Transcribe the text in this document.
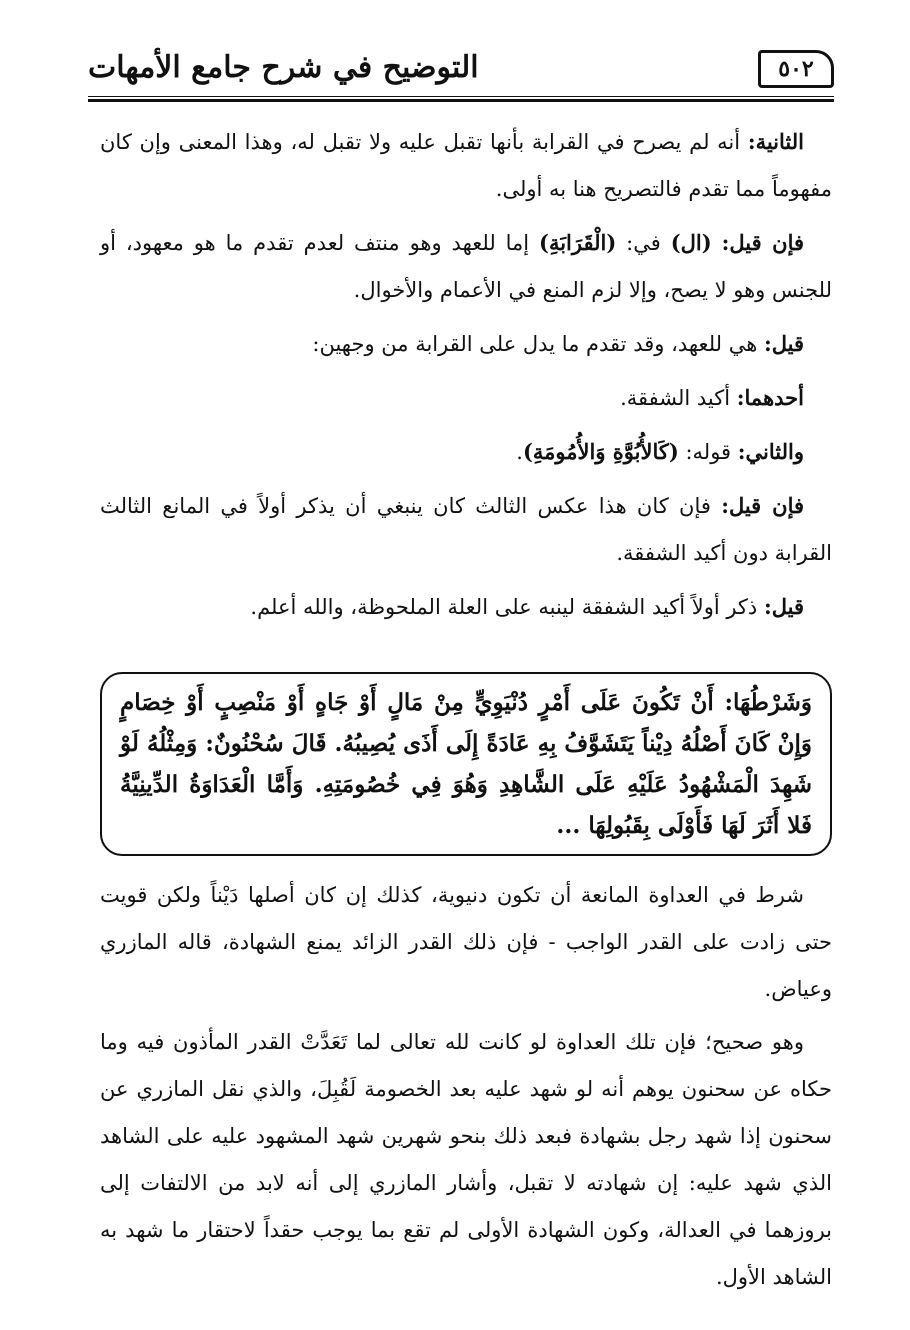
٥٠٢
التوضيح في شرح جامع الأمهات

الثانية: أنه لم يصرح في القرابة بأنها تقبل عليه ولا تقبل له، وهذا المعنى وإن كان مفهوماً مما تقدم فالتصريح هنا به أولى.

فإن قيل: (ال) في: (الْقَرَابَةِ) إما للعهد وهو منتف لعدم تقدم ما هو معهود، أو للجنس وهو لا يصح، وإلا لزم المنع في الأعمام والأخوال.

قيل: هي للعهد، وقد تقدم ما يدل على القرابة من وجهين:

أحدهما: أكيد الشفقة.

والثاني: قوله: (كَالأُبُوَّةِ وَالأُمُومَةِ).

فإن قيل: فإن كان هذا عكس الثالث كان ينبغي أن يذكر أولاً في المانع الثالث القرابة دون أكيد الشفقة.

قيل: ذكر أولاً أكيد الشفقة لينبه على العلة الملحوظة، والله أعلم.

وَشَرْطُهَا: أَنْ تَكُونَ عَلَى أَمْرٍ دُنْيَوِيٍّ مِنْ مَالٍ أَوْ جَاهٍ أَوْ مَنْصِبٍ أَوْ خِصَامٍ وَإِنْ كَانَ أَصْلُهُ دِيْناً يَتَشَوَّفُ بِهِ عَادَةً إِلَى أَذَى يُصِيبُهُ. قَالَ سُحْنُونٌ: وَمِثْلُهُ لَوْ شَهِدَ الْمَشْهُودُ عَلَيْهِ عَلَى الشَّاهِدِ وَهُوَ فِي خُصُومَتِهِ. وَأَمَّا الْعَدَاوَةُ الدِّينِيَّةُ فَلا أَثَرَ لَهَا فَأَوْلَى بِقَبُولِهَا ...

شرط في العداوة المانعة أن تكون دنيوية، كذلك إن كان أصلها دَيْناً ولكن قويت حتى زادت على القدر الواجب - فإن ذلك القدر الزائد يمنع الشهادة، قاله المازري وعياض.

وهو صحيح؛ فإن تلك العداوة لو كانت لله تعالى لما تَعَدَّتْ القدر المأذون فيه وما حكاه عن سحنون يوهم أنه لو شهد عليه بعد الخصومة لَقُبِلَ، والذي نقل المازري عن سحنون إذا شهد رجل بشهادة فبعد ذلك بنحو شهرين شهد المشهود عليه على الشاهد الذي شهد عليه: إن شهادته لا تقبل، وأشار المازري إلى أنه لابد من الالتفات إلى بروزهما في العدالة، وكون الشهادة الأولى لم تقع بما يوجب حقداً لاحتقار ما شهد به الشاهد الأول.
